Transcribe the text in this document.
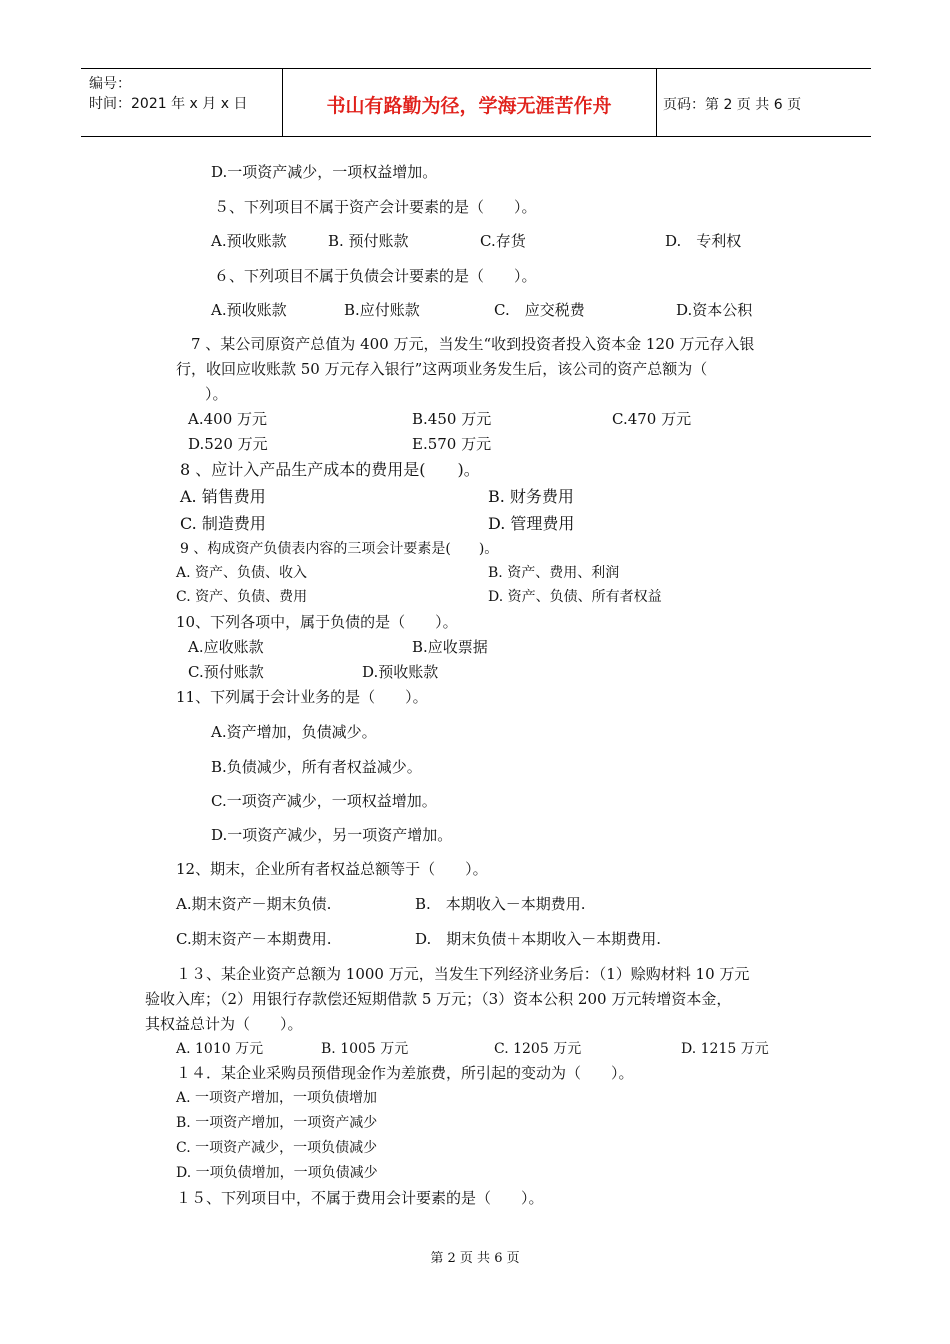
编号：
时间：2021 年 x 月 x 日	书山有路勤为径，学海无涯苦作舟	页码：第 2 页 共 6 页
D.一项资产减少，一项权益增加。
５、下列项目不属于资产会计要素的是（　　）。
A.预收账款	B. 预付账款	C.存货	D.　专利权
６、下列项目不属于负债会计要素的是（　　）。
A.预收账款	B.应付账款	C.　应交税费	D.资本公积
7 、某公司原资产总值为 400 万元，当发生“收到投资者投入资本金 120 万元存入银
行，收回应收账款 50 万元存入银行”这两项业务发生后，该公司的资产总额为（
）。
A.400 万元	B.450 万元	C.470 万元
D.520 万元	E.570 万元
8 、应计入产品生产成本的费用是(　　)。
A. 销售费用	B. 财务费用
C. 制造费用	D. 管理费用
9 、构成资产负债表内容的三项会计要素是(　　)。
A. 资产、负债、收入	B. 资产、费用、利润
C. 资产、负债、费用	D. 资产、负债、所有者权益
10、下列各项中，属于负债的是（　　）。
A.应收账款	B.应收票据
C.预付账款	D.预收账款
11、下列属于会计业务的是（　　）。
A.资产增加，负债减少。
B.负债减少，所有者权益减少。
C.一项资产减少，一项权益增加。
D.一项资产减少，另一项资产增加。
12、期末，企业所有者权益总额等于（　　）。
A.期末资产－期末负债.	B.　本期收入－本期费用.
C.期末资产－本期费用.	D.　期末负债＋本期收入－本期费用.
１３、某企业资产总额为 1000 万元，当发生下列经济业务后：（1）赊购材料 10 万元
验收入库；（2）用银行存款偿还短期借款 5 万元；（3）资本公积 200 万元转增资本金，
其权益总计为（　　）。
A. 1010 万元	B. 1005 万元	C. 1205 万元	D. 1215 万元
１４．某企业采购员预借现金作为差旅费，所引起的变动为（　　）。
A. 一项资产增加，一项负债增加
B. 一项资产增加，一项资产减少
C. 一项资产减少，一项负债减少
D. 一项负债增加，一项负债减少
１５、下列项目中，不属于费用会计要素的是（　　）。
第 2 页 共 6 页
